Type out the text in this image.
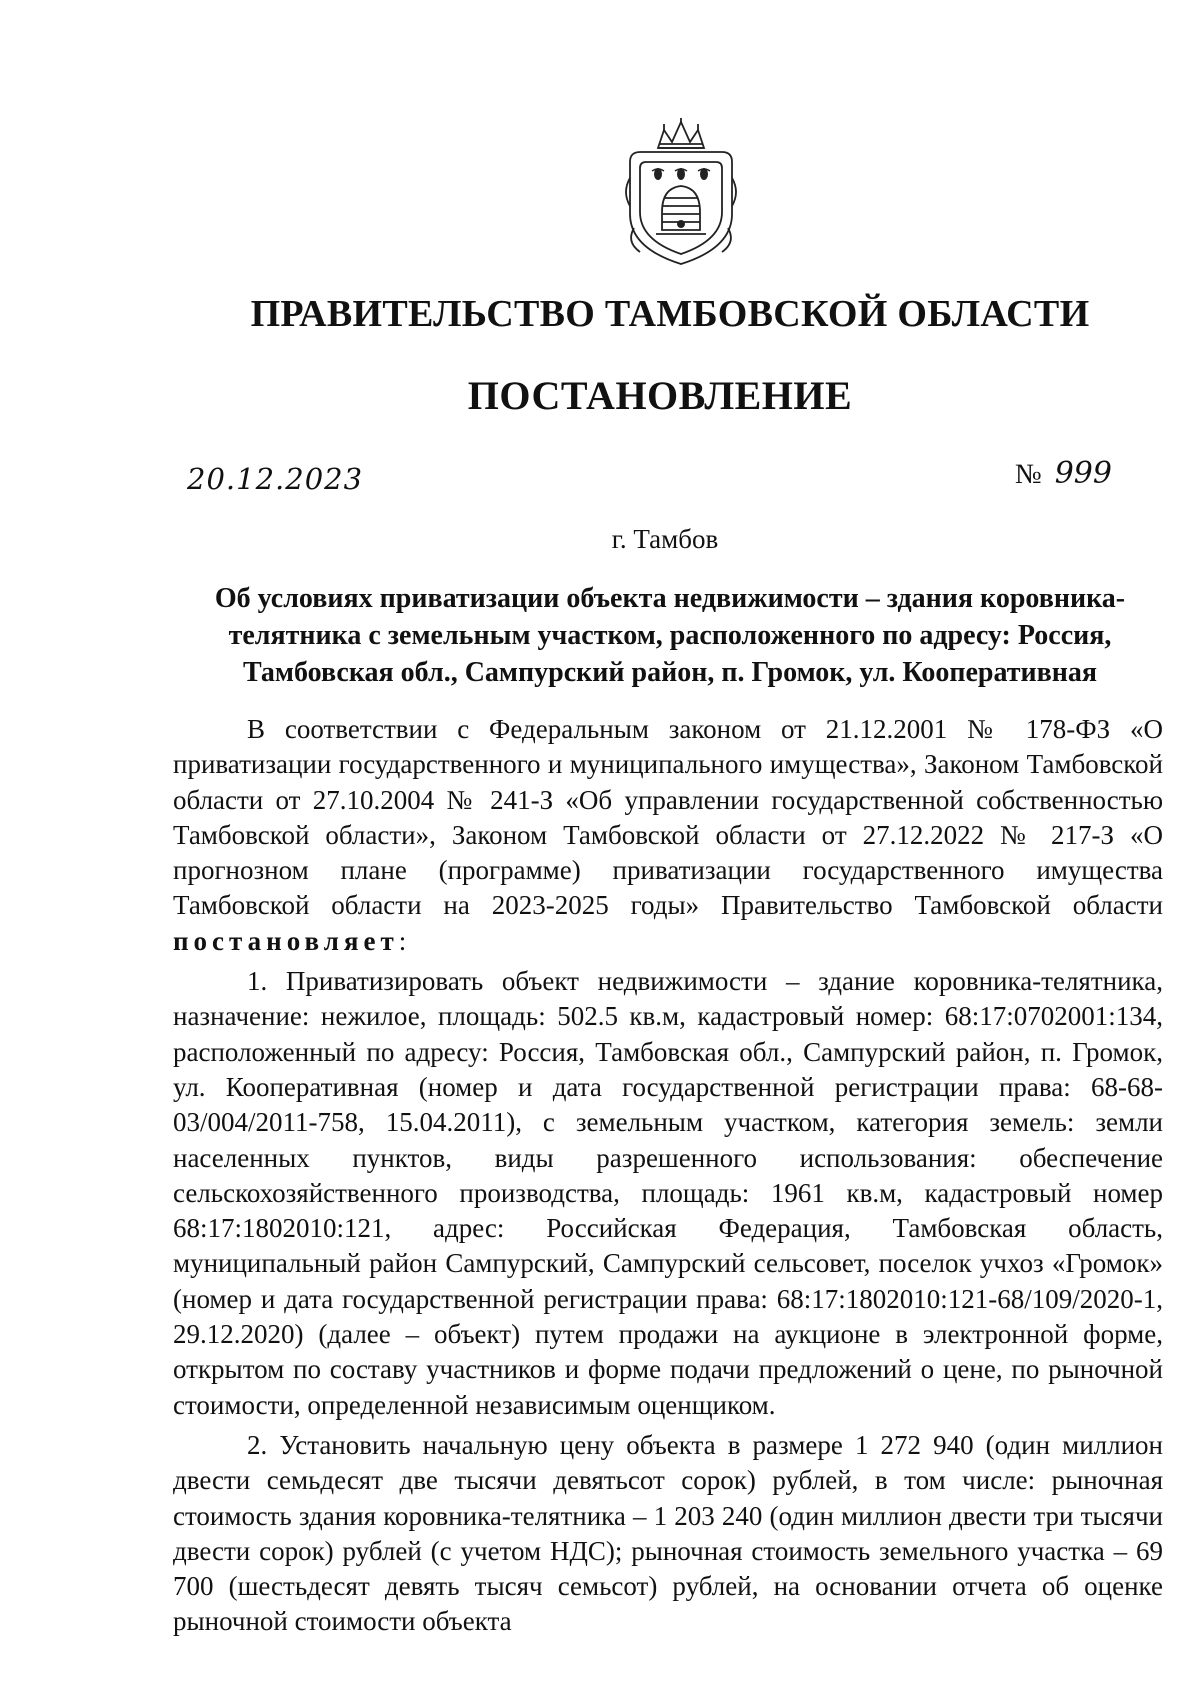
ПРАВИТЕЛЬСТВО ТАМБОВСКОЙ ОБЛАСТИ
ПОСТАНОВЛЕНИЕ
20.12.2023	№ 999
г. Тамбов
Об условиях приватизации объекта недвижимости – здания коровника-телятника с земельным участком, расположенного по адресу: Россия, Тамбовская обл., Сампурский район, п. Громок, ул. Кооперативная

В соответствии с Федеральным законом от 21.12.2001 № 178-ФЗ «О приватизации государственного и муниципального имущества», Законом Тамбовской области от 27.10.2004 № 241-З «Об управлении государственной собственностью Тамбовской области», Законом Тамбовской области от 27.12.2022 № 217-З «О прогнозном плане (программе) приватизации государственного имущества Тамбовской области на 2023-2025 годы» Правительство Тамбовской области постановляет:

1. Приватизировать объект недвижимости – здание коровника-телятника, назначение: нежилое, площадь: 502.5 кв.м, кадастровый номер: 68:17:0702001:134, расположенный по адресу: Россия, Тамбовская обл., Сампурский район, п. Громок, ул. Кооперативная (номер и дата государственной регистрации права: 68-68-03/004/2011-758, 15.04.2011), с земельным участком, категория земель: земли населенных пунктов, виды разрешенного использования: обеспечение сельскохозяйственного производства, площадь: 1961 кв.м, кадастровый номер 68:17:1802010:121, адрес: Российская Федерация, Тамбовская область, муниципальный район Сампурский, Сампурский сельсовет, поселок учхоз «Громок» (номер и дата государственной регистрации права: 68:17:1802010:121-68/109/2020-1, 29.12.2020) (далее – объект) путем продажи на аукционе в электронной форме, открытом по составу участников и форме подачи предложений о цене, по рыночной стоимости, определенной независимым оценщиком.

2. Установить начальную цену объекта в размере 1 272 940 (один миллион двести семьдесят две тысячи девятьсот сорок) рублей, в том числе: рыночная стоимость здания коровника-телятника – 1 203 240 (один миллион двести три тысячи двести сорок) рублей (с учетом НДС); рыночная стоимость земельного участка – 69 700 (шестьдесят девять тысяч семьсот) рублей, на основании отчета об оценке рыночной стоимости объекта
